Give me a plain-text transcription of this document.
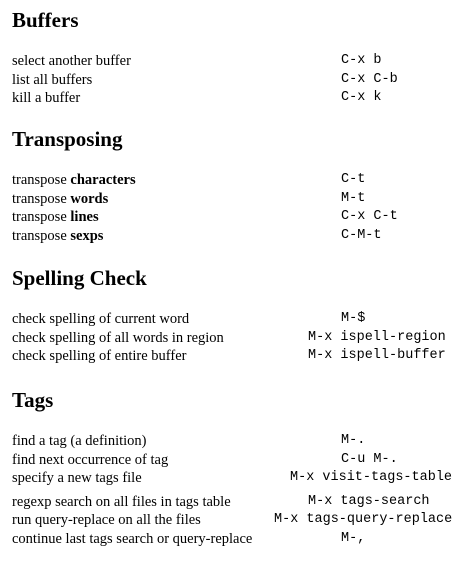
Buffers
select another buffer	C-x b
list all buffers	C-x C-b
kill a buffer	C-x k
Transposing
transpose characters	C-t
transpose words	M-t
transpose lines	C-x C-t
transpose sexps	C-M-t
Spelling Check
check spelling of current word	M-$
check spelling of all words in region	M-x ispell-region
check spelling of entire buffer	M-x ispell-buffer
Tags
find a tag (a definition)	M-.
find next occurrence of tag	C-u M-.
specify a new tags file	M-x visit-tags-table
regexp search on all files in tags table	M-x tags-search
run query-replace on all the files	M-x tags-query-replace
continue last tags search or query-replace	M-,
